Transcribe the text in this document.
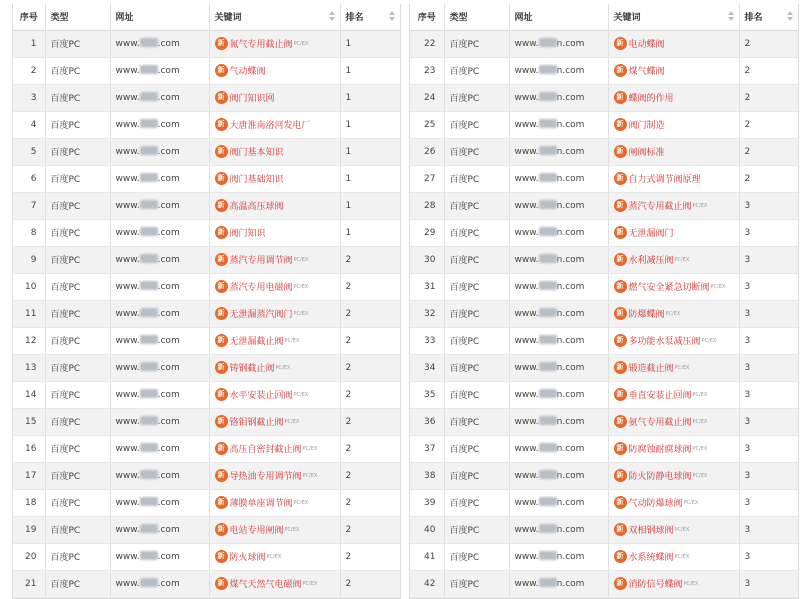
序号	类型	网址	关键词	排名

1	百度PC	www. .com	新 氮气专用截止阀 PC/EX	1
2	百度PC	www. .com	新 气动蝶阀	1
3	百度PC	www. .com	新 阀门知识网	1
4	百度PC	www. .com	新 大唐淮南洛河发电厂	1
5	百度PC	www. .com	新 阀门基本知识	1
6	百度PC	www. .com	新 阀门基础知识	1
7	百度PC	www. .com	新 高温高压球阀	1
8	百度PC	www. .com	新 阀门知识	1
9	百度PC	www. .com	新 蒸汽专用调节阀 PC/EX	2
10	百度PC	www. .com	新 蒸汽专用电磁阀 PC/EX	2
11	百度PC	www. .com	新 无泄漏蒸汽阀门 PC/EX	2
12	百度PC	www. .com	新 无泄漏截止阀 PC/EX	2
13	百度PC	www. .com	新 铸钢截止阀 PC/EX	2
14	百度PC	www. .com	新 水平安装止回阀 PC/EX	2
15	百度PC	www. .com	新 铬钼钢截止阀 PC/EX	2
16	百度PC	www. .com	新 高压自密封截止阀 PC/EX	2
17	百度PC	www. .com	新 导热油专用调节阀 PC/EX	2
18	百度PC	www. .com	新 薄膜单座调节阀 PC/EX	2
19	百度PC	www. .com	新 电站专用闸阀 PC/EX	2
20	百度PC	www. .com	新 防火球阀 PC/EX	2
21	百度PC	www. .com	新 煤气天然气电磁阀 PC/EX	2
序号	类型	网址	关键词	排名

22	百度PC	www. n.com	新 电动蝶阀	2
23	百度PC	www. n.com	新 煤气蝶阀	2
24	百度PC	www. n.com	新 蝶阀的作用	2
25	百度PC	www. n.com	新 阀门制造	2
26	百度PC	www. n.com	新 闸阀标准	2
27	百度PC	www. n.com	新 自力式调节阀原理	2
28	百度PC	www. n.com	新 蒸汽专用截止阀 PC/EX	3
29	百度PC	www. n.com	新 无泄漏阀门	3
30	百度PC	www. n.com	新 水利减压阀 PC/EX	3
31	百度PC	www. n.com	新 燃气安全紧急切断阀 PC/EX	3
32	百度PC	www. n.com	新 防爆蝶阀 PC/EX	3
33	百度PC	www. n.com	新 多功能水泵减压阀 PC/EX	3
34	百度PC	www. n.com	新 锻造截止阀 PC/EX	3
35	百度PC	www. n.com	新 垂直安装止回阀 PC/EX	3
36	百度PC	www. n.com	新 氨气专用截止阀 PC/EX	3
37	百度PC	www. n.com	新 防腐蚀耐腐球阀 PC/EX	3
38	百度PC	www. n.com	新 防火防静电球阀 PC/EX	3
39	百度PC	www. n.com	新 气动防爆球阀 PC/EX	3
40	百度PC	www. n.com	新 双相钢球阀 PC/EX	3
41	百度PC	www. n.com	新 水系统蝶阀 PC/EX	3
42	百度PC	www. n.com	新 消防信号蝶阀 PC/EX	3
